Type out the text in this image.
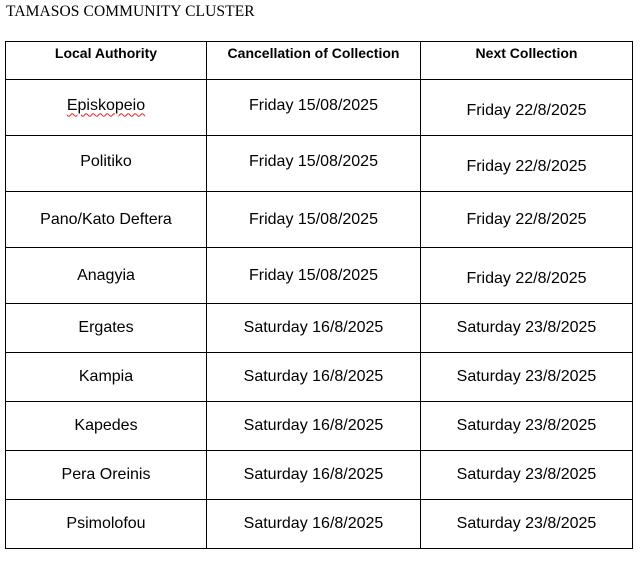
TAMASOS COMMUNITY CLUSTER
Local Authority	Cancellation of Collection	Next Collection
Episkopeio	Friday 15/08/2025	Friday 22/8/2025
Politiko	Friday 15/08/2025	Friday 22/8/2025
Pano/Kato Deftera	Friday 15/08/2025	Friday 22/8/2025
Anagyia	Friday 15/08/2025	Friday 22/8/2025
Ergates	Saturday 16/8/2025	Saturday 23/8/2025
Kampia	Saturday 16/8/2025	Saturday 23/8/2025
Kapedes	Saturday 16/8/2025	Saturday 23/8/2025
Pera Oreinis	Saturday 16/8/2025	Saturday 23/8/2025
Psimolofou	Saturday 16/8/2025	Saturday 23/8/2025
